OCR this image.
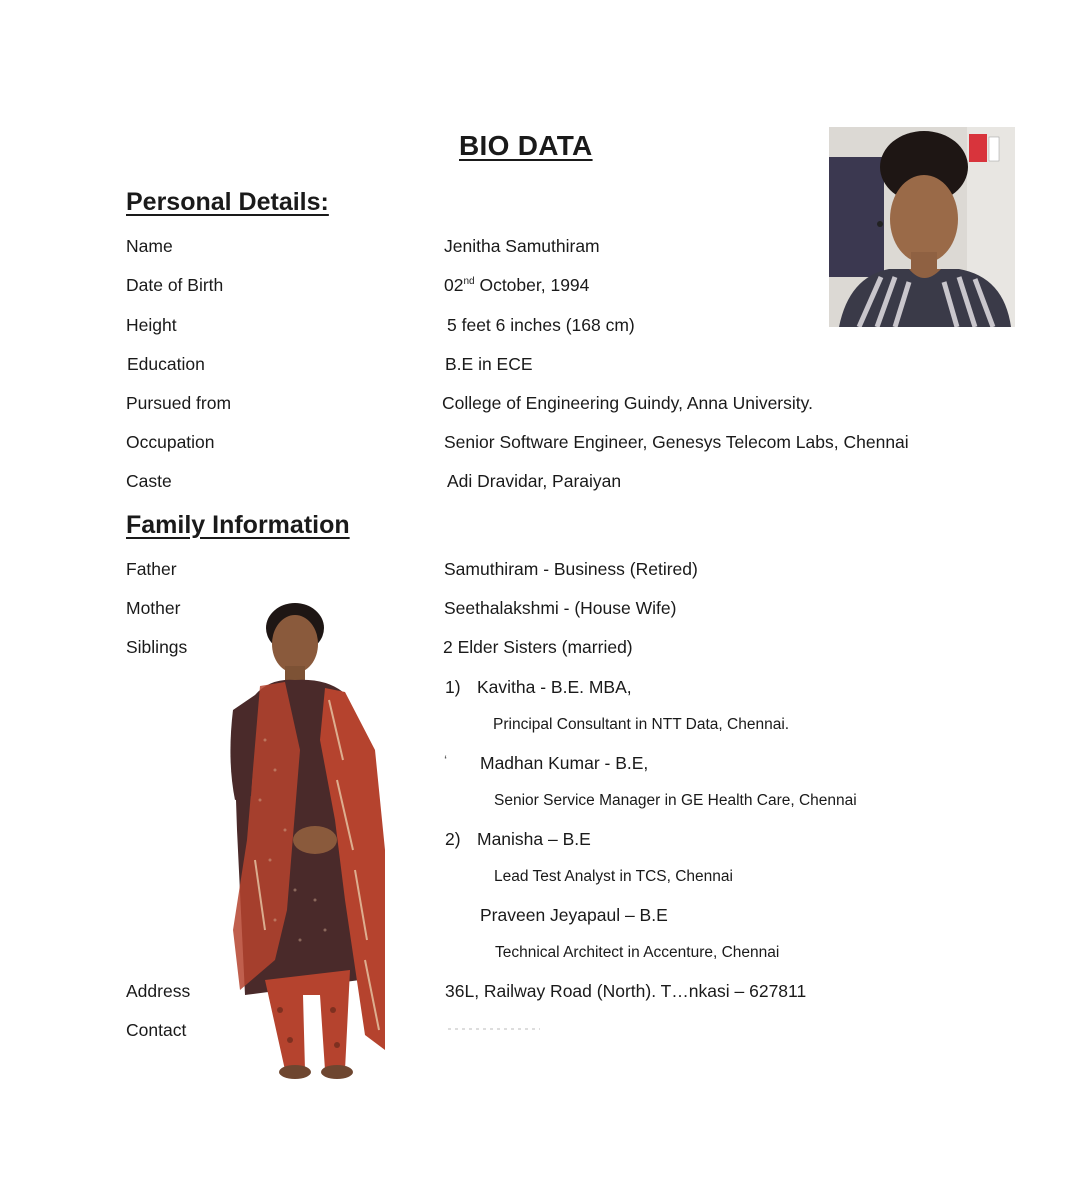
BIO DATA
Personal Details:
Name	Jenitha Samuthiram
Date of Birth	02nd October, 1994
Height	5 feet 6 inches (168 cm)
Education	B.E in ECE
Pursued from	College of Engineering Guindy, Anna University.
Occupation	Senior Software Engineer, Genesys Telecom Labs, Chennai
Caste	Adi Dravidar, Paraiyan
Family Information
Father	Samuthiram - Business (Retired)
Mother	Seethalakshmi - (House Wife)
Siblings	2 Elder Sisters (married)
1) Kavitha - B.E. MBA,
Principal Consultant in NTT Data, Chennai.
‘ Madhan Kumar - B.E,
Senior Service Manager in GE Health Care, Chennai
2) Manisha – B.E
Lead Test Analyst in TCS, Chennai
Praveen Jeyapaul – B.E
Technical Architect in Accenture, Chennai
Address	36L, Railway Road (North). T…nkasi – 627811
Contact
